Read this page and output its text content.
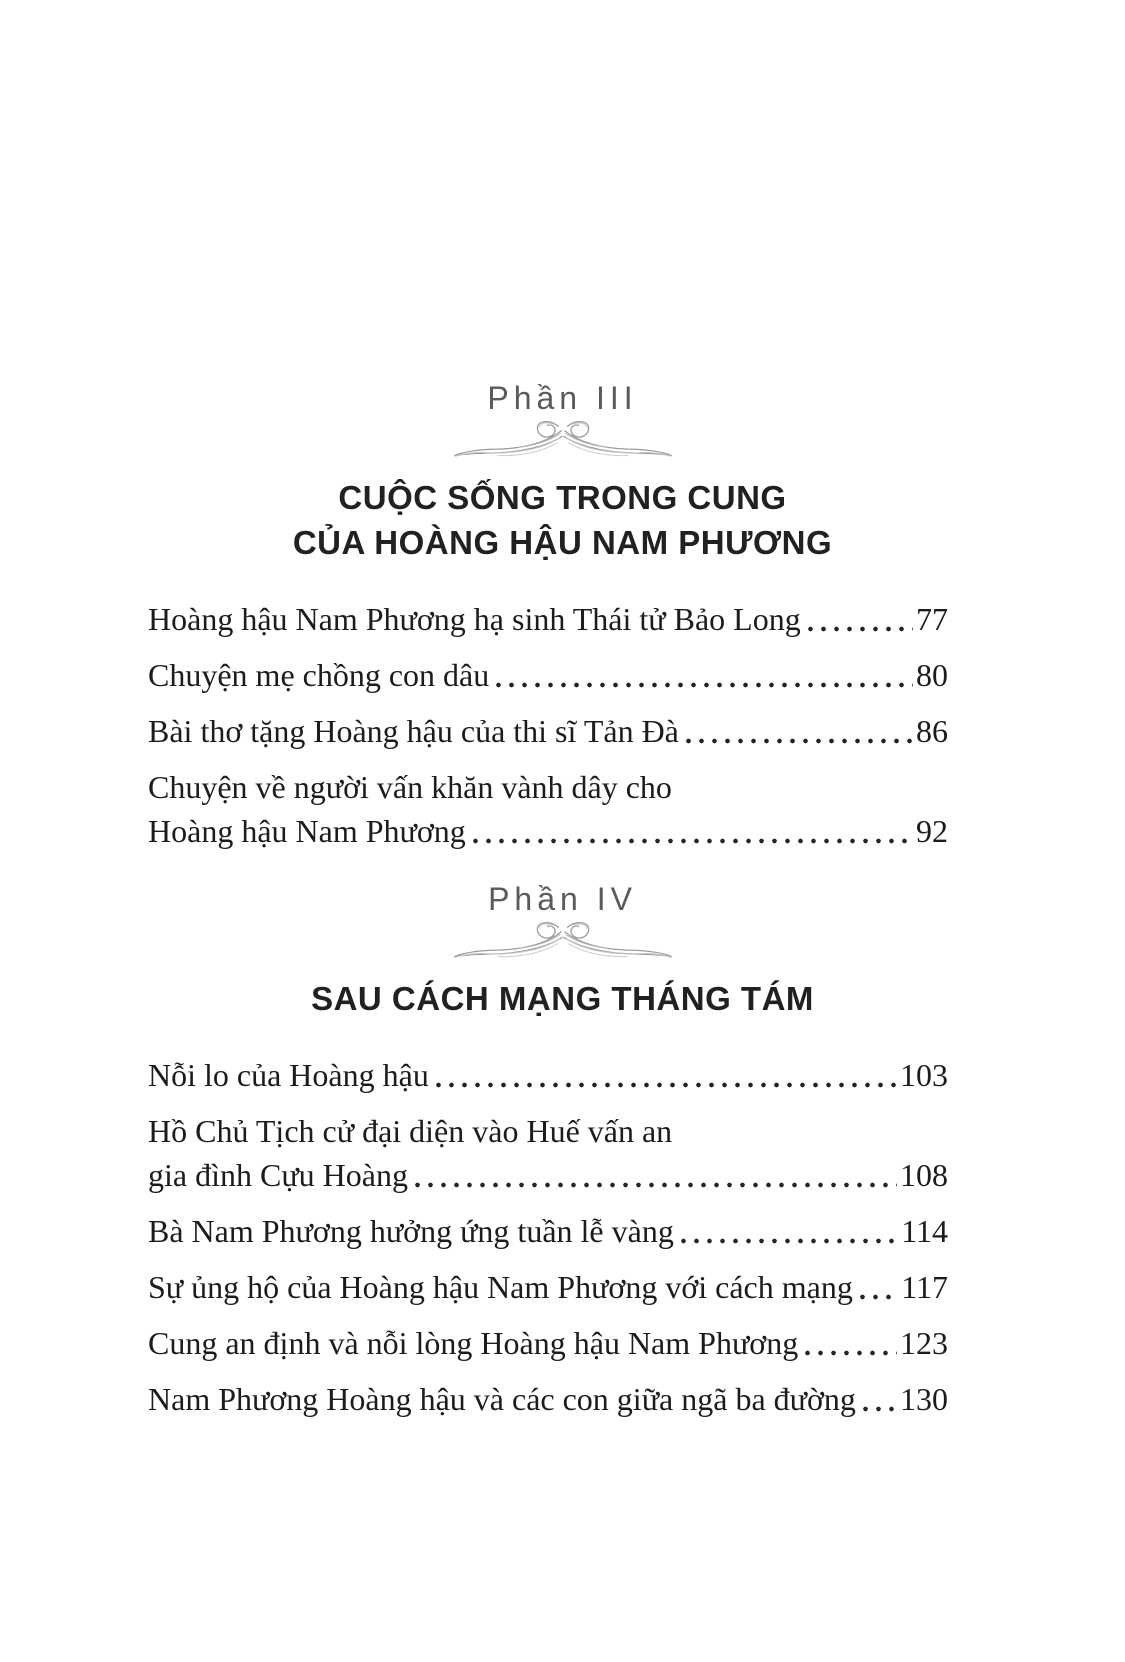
Phần III
CUỘC SỐNG TRONG CUNG
CỦA HOÀNG HẬU NAM PHƯƠNG
Hoàng hậu Nam Phương hạ sinh Thái tử Bảo Long	77
Chuyện mẹ chồng con dâu	80
Bài thơ tặng Hoàng hậu của thi sĩ Tản Đà	86
Chuyện về người vấn khăn vành dây cho
Hoàng hậu Nam Phương	92
Phần IV
SAU CÁCH MẠNG THÁNG TÁM
Nỗi lo của Hoàng hậu	103
Hồ Chủ Tịch cử đại diện vào Huế vấn an
gia đình Cựu Hoàng	108
Bà Nam Phương hưởng ứng tuần lễ vàng	114
Sự ủng hộ của Hoàng hậu Nam Phương với cách mạng 117
Cung an định và nỗi lòng Hoàng hậu Nam Phương	123
Nam Phương Hoàng hậu và các con giữa ngã ba đường 130
